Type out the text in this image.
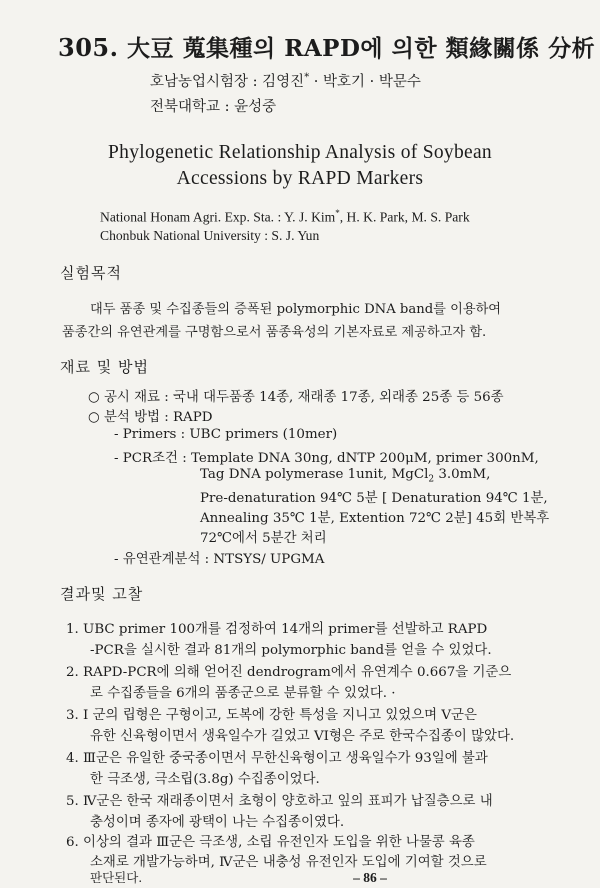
305. 大豆 蒐集種의 RAPD에 의한 類緣關係 分析
호남농업시험장 : 김영진* · 박호기 · 박문수
전북대학교 : 윤성중
Phylogenetic Relationship Analysis of Soybean
Accessions by RAPD Markers
National Honam Agri. Exp. Sta. : Y. J. Kim*, H. K. Park, M. S. Park
Chonbuk National University : S. J. Yun
실험목적
대두 품종 및 수집종들의 증폭된 polymorphic DNA band를 이용하여
품종간의 유연관계를 구명함으로서 품종육성의 기본자료로 제공하고자 함.
재료 및 방법
○ 공시 재료 : 국내 대두품종 14종, 재래종 17종, 외래종 25종 등 56종
○ 분석 방법 : RAPD
- Primers : UBC primers (10mer)
- PCR조건 : Template DNA 30ng, dNTP 200μM, primer 300nM,
Tag DNA polymerase 1unit, MgCl$_2$ 3.0mM,
Pre-denaturation 94℃ 5분 [ Denaturation 94℃ 1분,
Annealing 35℃ 1분, Extention 72℃ 2분] 45회 반복후
72℃에서 5분간 처리
- 유연관계분석 : NTSYS/ UPGMA
결과및 고찰
1. UBC primer 100개를 검정하여 14개의 primer를 선발하고 RAPD
-PCR을 실시한 결과 81개의 polymorphic band를 얻을 수 있었다.
2. RAPD-PCR에 의해 얻어진 dendrogram에서 유연계수 0.667을 기준으
로 수집종들을 6개의 품종군으로 분류할 수 있었다. ·
3. I 군의 립형은 구형이고, 도복에 강한 특성을 지니고 있었으며 V군은
유한 신육형이면서 생육일수가 길었고 VI형은 주로 한국수집종이 많았다.
4. Ⅲ군은 유일한 중국종이면서 무한신육형이고 생육일수가 93일에 불과
한 극조생, 극소립(3.8g) 수집종이었다.
5. Ⅳ군은 한국 재래종이면서 초형이 양호하고 잎의 표피가 납질층으로 내
충성이며 종자에 광택이 나는 수집종이였다.
6. 이상의 결과 Ⅲ군은 극조생, 소립 유전인자 도입을 위한 나물콩 육종
소재로 개발가능하며, Ⅳ군은 내충성 유전인자 도입에 기여할 것으로
판단된다.	– 86 –
